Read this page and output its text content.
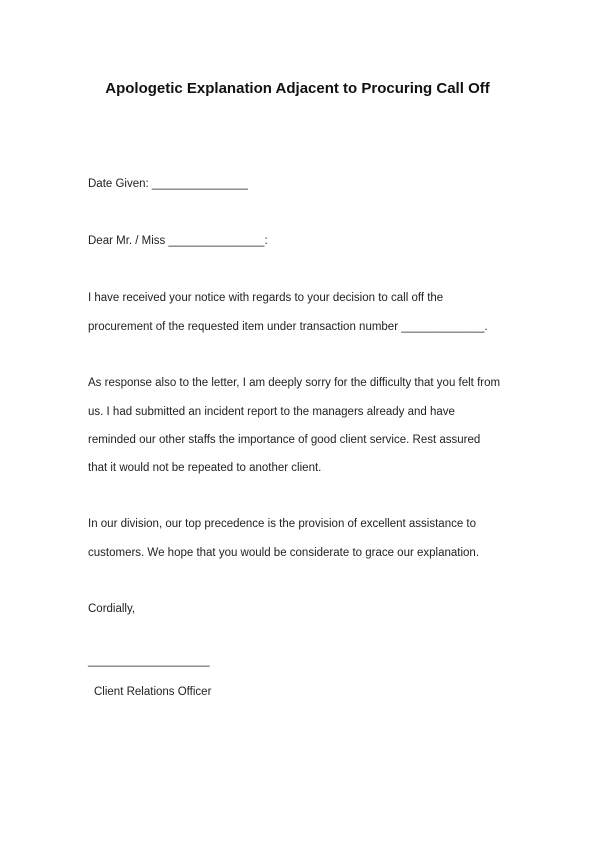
Apologetic Explanation Adjacent to Procuring Call Off
Date Given: _______________
Dear Mr. / Miss _______________:

I have received your notice with regards to your decision to call off the

procurement of the requested item under transaction number _____________.

As response also to the letter, I am deeply sorry for the difficulty that you felt from

us. I had submitted an incident report to the managers already and have

reminded our other staffs the importance of good client service. Rest assured

that it would not be repeated to another client.

In our division, our top precedence is the provision of excellent assistance to

customers. We hope that you would be considerate to grace our explanation.

Cordially,
___________________
Client Relations Officer
